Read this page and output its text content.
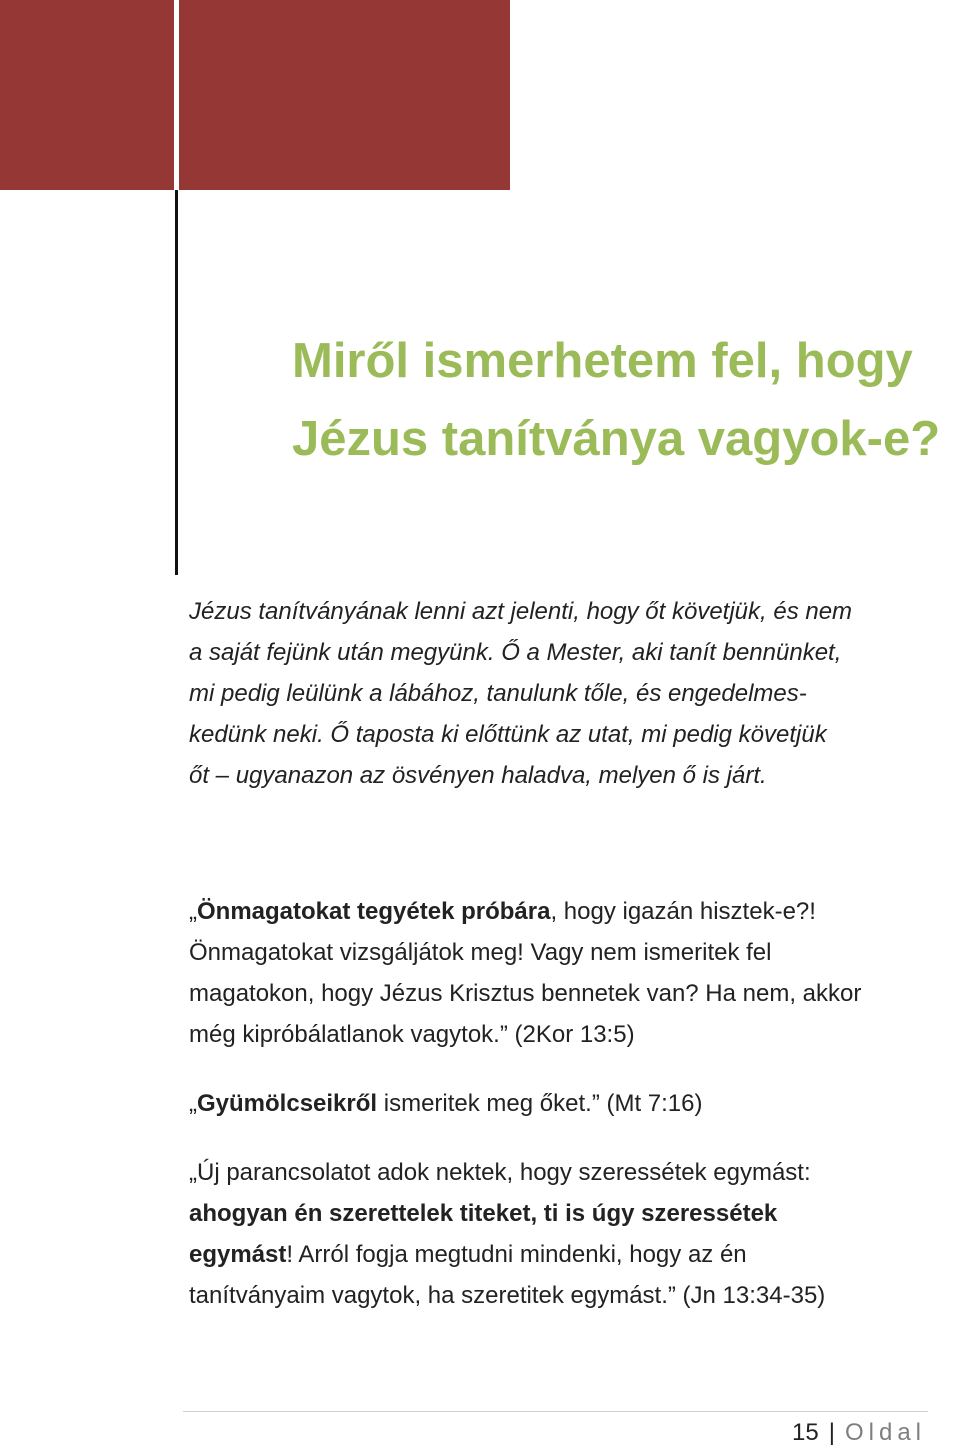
Miről ismerhetem fel, hogy
Jézus tanítványa vagyok-e?

Jézus tanítványának lenni azt jelenti, hogy őt követjük, és nem
a saját fejünk után megyünk. Ő a Mester, aki tanít bennünket,
mi pedig leülünk a lábához, tanulunk tőle, és engedelmes-
kedünk neki. Ő taposta ki előttünk az utat, mi pedig követjük
őt – ugyanazon az ösvényen haladva, melyen ő is járt.

„Önmagatokat tegyétek próbára, hogy igazán hisztek-e?!
Önmagatokat vizsgáljátok meg! Vagy nem ismeritek fel
magatokon, hogy Jézus Krisztus bennetek van? Ha nem, akkor
még kipróbálatlanok vagytok.” (2Kor 13:5)

„Gyümölcseikről ismeritek meg őket.” (Mt 7:16)

„Új parancsolatot adok nektek, hogy szeressétek egymást:
ahogyan én szerettelek titeket, ti is úgy szeressétek
egymást! Arról fogja megtudni mindenki, hogy az én
tanítványaim vagytok, ha szeretitek egymást.” (Jn 13:34-35)

15 | Oldal
